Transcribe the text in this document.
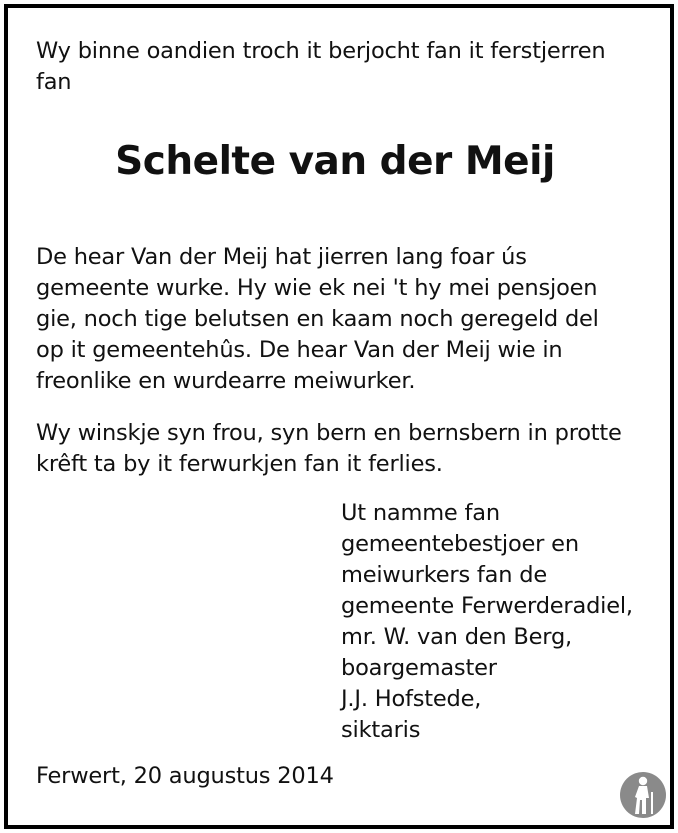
Wy binne oandien troch it berjocht fan it ferstjerren
fan
Schelte van der Meij
De hear Van der Meij hat jierren lang foar ús
gemeente wurke. Hy wie ek nei 't hy mei pensjoen
gie, noch tige belutsen en kaam noch geregeld del
op it gemeentehûs. De hear Van der Meij wie in
freonlike en wurdearre meiwurker.
Wy winskje syn frou, syn bern en bernsbern in protte
krêft ta by it ferwurkjen fan it ferlies.
Ut namme fan
gemeentebestjoer en
meiwurkers fan de
gemeente Ferwerderadiel,
mr. W. van den Berg,
boargemaster
J.J. Hofstede,
siktaris
Ferwert, 20 augustus 2014
